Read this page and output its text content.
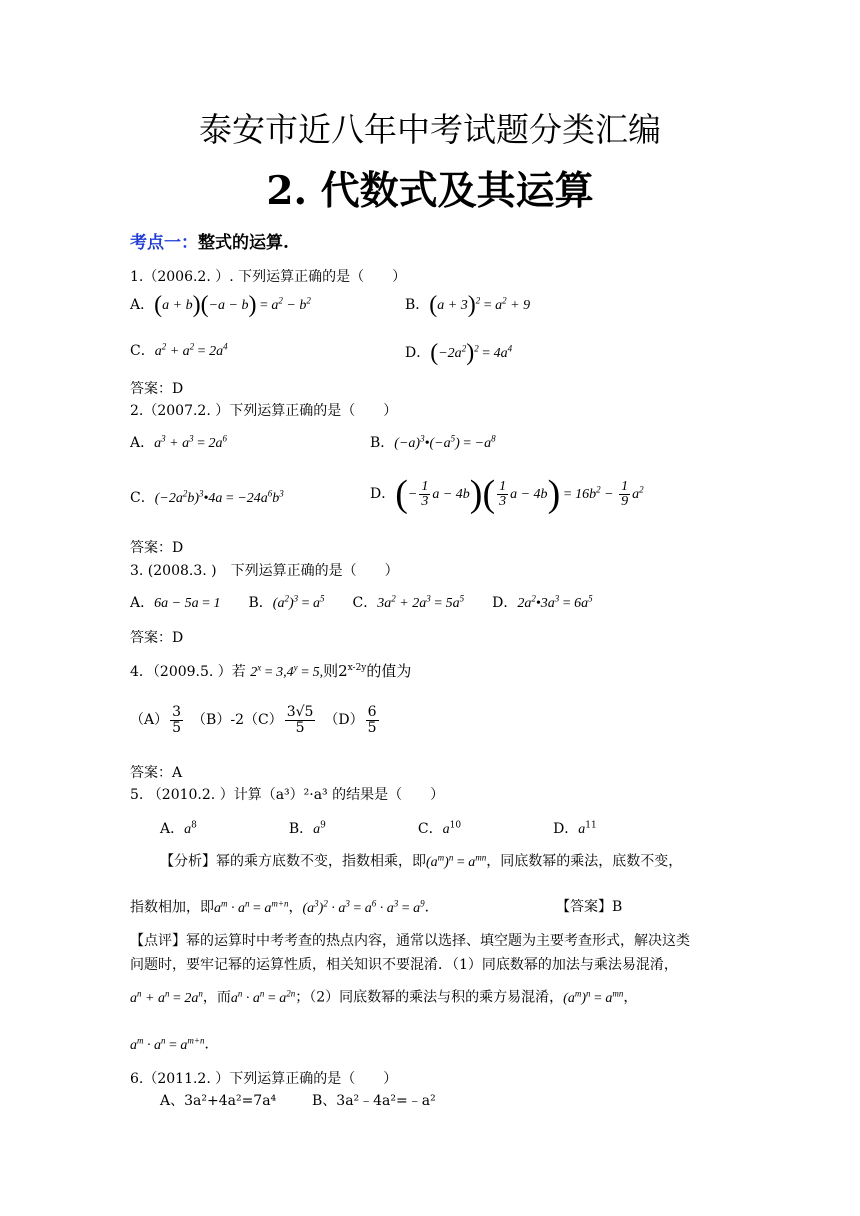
泰安市近八年中考试题分类汇编
2. 代数式及其运算
考点一：整式的运算.
1.（2006.2. ）. 下列运算正确的是（　　）
A．$(a + b)(-a - b) = a^2 - b^2$	B．$(a + 3)^2 = a^2 + 9$
C．$a^2 + a^2 = 2a^4$	D．$(-2a^2)^2 = 4a^4$
答案：D
2.（2007.2. ）下列运算正确的是（　　）
A．$a^3 + a^3 = 2a^6$	B．$(-a)^3•(-a^5) = -a^8$
C．$(-2a^2b)^3•4a = -24a^6b^3$	D．(− $\frac{1}{3}$ $a - 4b)( \frac{1}{3}$ $a - 4b) = 16b^2 - \frac{1}{9} a^2$
答案：D
3. (2008.3. )　下列运算正确的是（　　）
A．6a − 5a = 1　　B．$(a^2)^3 = a^5$　　C．$3a^2 + 2a^3 = 5a^5$　　D．$2a^2•3a^3 = 6a^5$
答案：D
4．（2009.5. ）若 $2^x = 3,4^y = 5$,则$2^{x-2y}$的值为
$(A) \frac{3}{5}$ 　$(B)-2(C) \frac{3√5}{5}$ 　$(D) \frac{6}{5}$
答案：A
5. （2010.2. ）计算（a³）²·a³ 的结果是（　　）
A．$a^8$	B．$a^9$	C．$a^{10}$	D．$a^{11}$
【分析】幂的乘方底数不变，指数相乘，即$(a^m)^n = a^{mn}$，同底数幂的乘法，底数不变，
指数相加，即$a^m \cdot a^n = a^{m+n}$，$(a^3)^2 \cdot a^3 = a^6 \cdot a^3 = a^9$．	【答案】B
【点评】幂的运算时中考考查的热点内容，通常以选择、填空题为主要考查形式，解决这类
问题时，要牢记幂的运算性质，相关知识不要混淆．（1）同底数幂的加法与乘法易混淆，
$a^n + a^n = 2a^n$，而$a^n \cdot a^n = a^{2n}$；（2）同底数幂的乘法与积的乘方易混淆，$(a^m)^n = a^{mn}$，
$a^m \cdot a^n = a^{m+n}$．
6.（2011.2. ）下列运算正确的是（　　）
A、3a²+4a²=7a⁴	B、3a²﹣4a²=﹣a²
